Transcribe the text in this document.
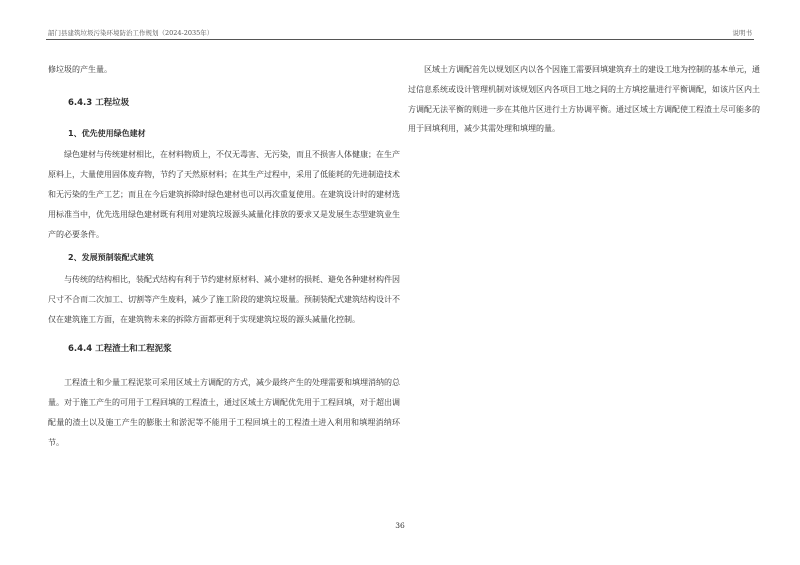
韶门县建筑垃圾污染环境防治工作规划（2024-2035年）	说明书

修垃圾的产生量。

6.4.3 工程垃圾
1、优先使用绿色建材

绿色建材与传统建材相比，在材料物质上，不仅无毒害、无污染，而且不损害人体健康；在生产原料上，大量使用固体废弃物，节约了天然原材料；在其生产过程中，采用了低能耗的先进制造技术和无污染的生产工艺；而且在今后建筑拆除时绿色建材也可以再次重复使用。在建筑设计时的建材选用标准当中，优先选用绿色建材既有利用对建筑垃圾源头减量化排放的要求又是发展生态型建筑业生产的必要条件。

2、发展预制装配式建筑

与传统的结构相比，装配式结构有利于节约建材原材料、减小建材的损耗、避免各种建材构件因尺寸不合而二次加工、切割等产生废料，减少了施工阶段的建筑垃圾量。预制装配式建筑结构设计不仅在建筑施工方面，在建筑物未来的拆除方面都更利于实现建筑垃圾的源头减量化控制。

6.4.4 工程渣土和工程泥浆

工程渣土和少量工程泥浆可采用区域土方调配的方式，减少最终产生的处理需要和填埋消纳的总量。对于施工产生的可用于工程回填的工程渣土，通过区域土方调配优先用于工程回填，对于超出调配量的渣土以及施工产生的膨胀土和淤泥等不能用于工程回填土的工程渣土进入利用和填埋消纳环节。

区域土方调配首先以规划区内以各个因施工需要回填建筑弃土的建设工地为控制的基本单元，通过信息系统或设计管理机制对该规划区内各项目工地之间的土方填挖量进行平衡调配，如该片区内土方调配无法平衡的则进一步在其他片区进行土方协调平衡。通过区域土方调配使工程渣土尽可能多的用于回填利用，减少其需处理和填埋的量。

36
